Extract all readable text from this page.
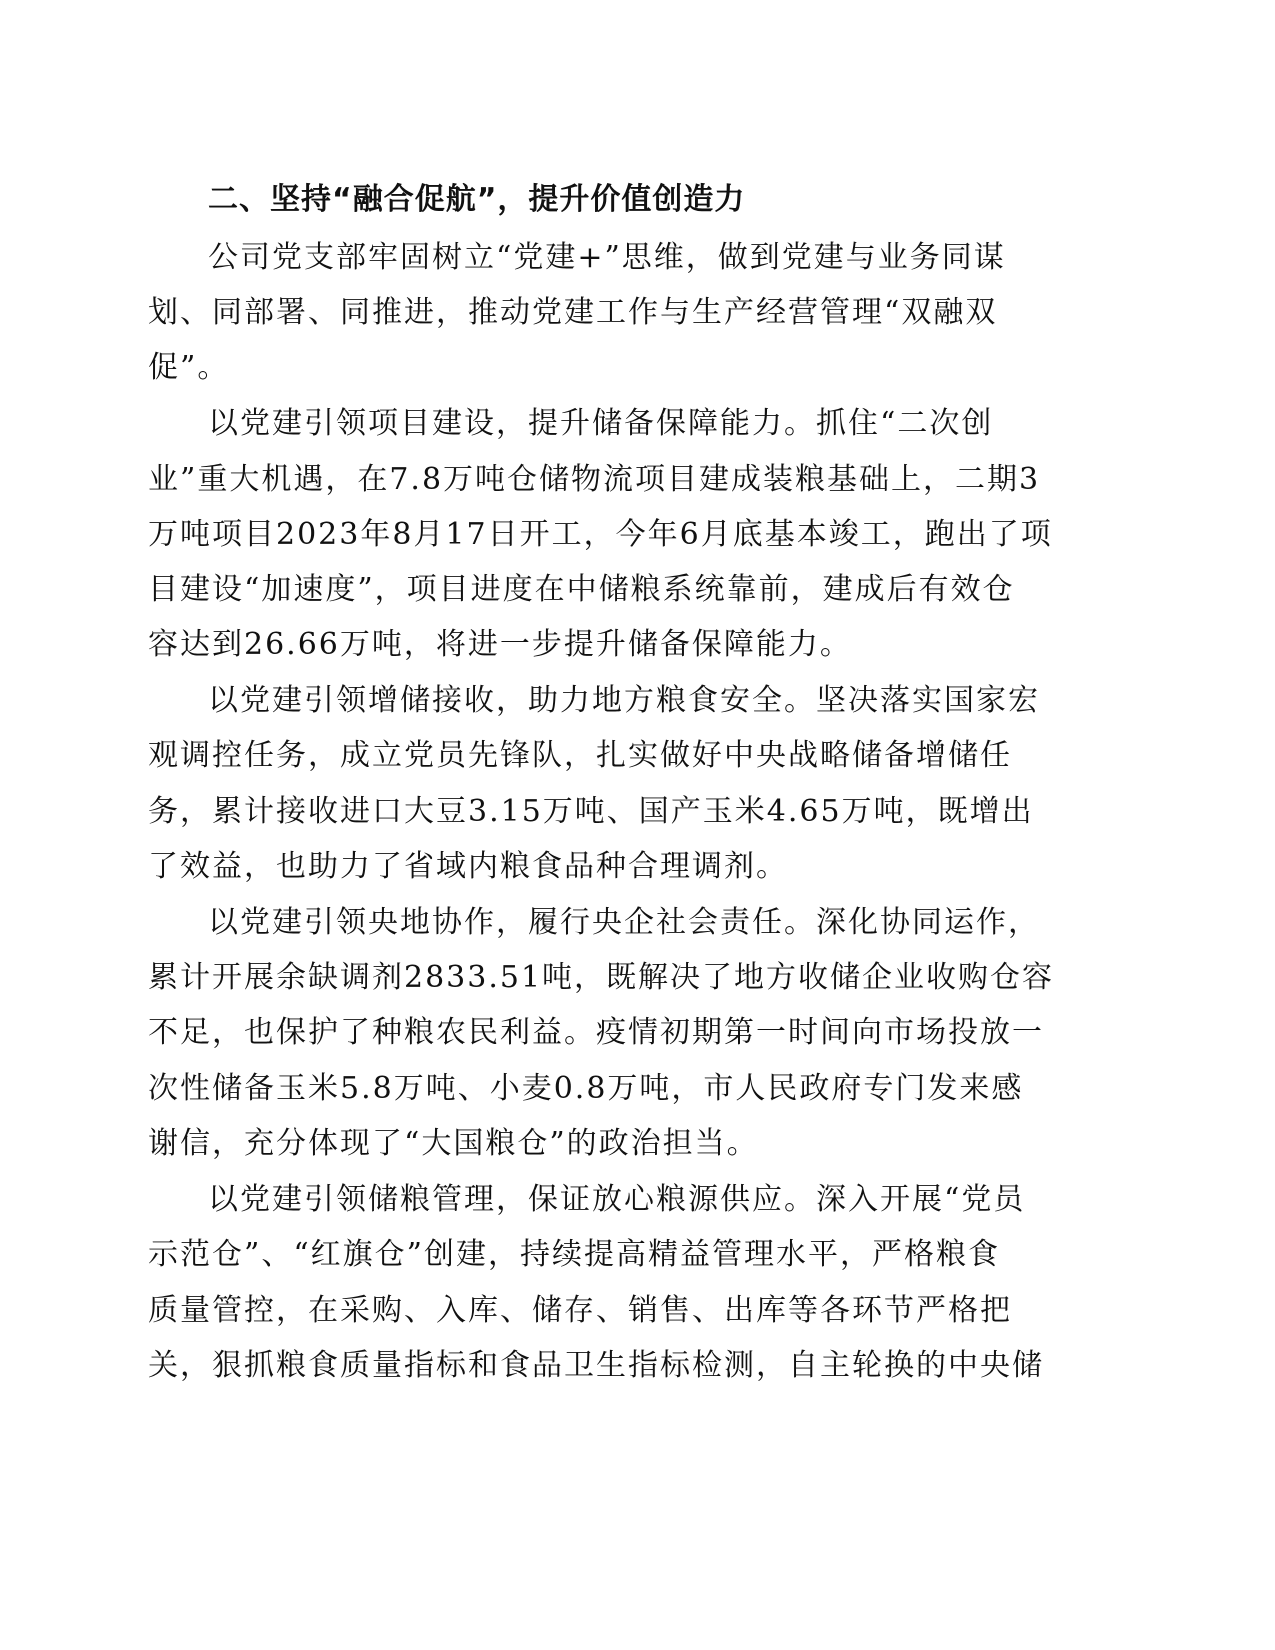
二、坚持“融合促航”，提升价值创造力
公司党支部牢固树立“党建+”思维，做到党建与业务同谋
划、同部署、同推进，推动党建工作与生产经营管理“双融双
促”。
以党建引领项目建设，提升储备保障能力。抓住“二次创
业”重大机遇，在7.8万吨仓储物流项目建成装粮基础上，二期3
万吨项目2023年8月17日开工，今年6月底基本竣工，跑出了项
目建设“加速度”，项目进度在中储粮系统靠前，建成后有效仓
容达到26.66万吨，将进一步提升储备保障能力。
以党建引领增储接收，助力地方粮食安全。坚决落实国家宏
观调控任务，成立党员先锋队，扎实做好中央战略储备增储任
务，累计接收进口大豆3.15万吨、国产玉米4.65万吨，既增出
了效益，也助力了省域内粮食品种合理调剂。
以党建引领央地协作，履行央企社会责任。深化协同运作，
累计开展余缺调剂2833.51吨，既解决了地方收储企业收购仓容
不足，也保护了种粮农民利益。疫情初期第一时间向市场投放一
次性储备玉米5.8万吨、小麦0.8万吨，市人民政府专门发来感
谢信，充分体现了“大国粮仓”的政治担当。
以党建引领储粮管理，保证放心粮源供应。深入开展“党员
示范仓”、“红旗仓”创建，持续提高精益管理水平，严格粮食
质量管控，在采购、入库、储存、销售、出库等各环节严格把
关，狠抓粮食质量指标和食品卫生指标检测，自主轮换的中央储
